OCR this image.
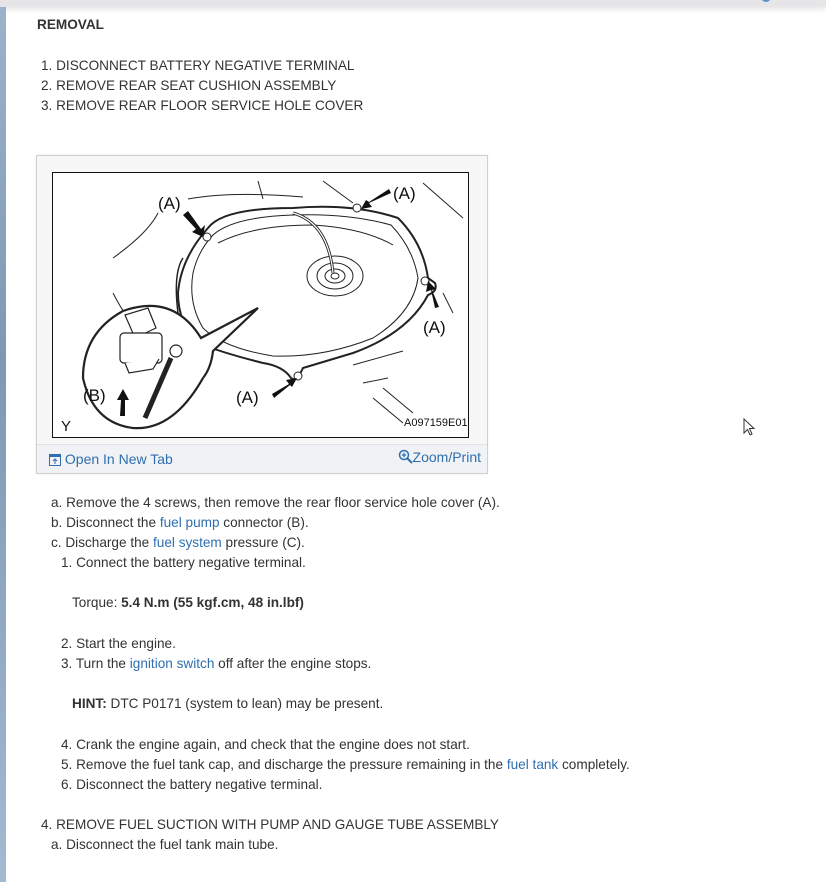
REMOVAL
1. DISCONNECT BATTERY NEGATIVE TERMINAL
2. REMOVE REAR SEAT CUSHION ASSEMBLY
3. REMOVE REAR FLOOR SERVICE HOLE COVER
(A)
(A)
(A)
(A)
(B)
Y	A097159E01
Open In New Tab	Zoom/Print
a. Remove the 4 screws, then remove the rear floor service hole cover (A).
b. Disconnect the fuel pump connector (B).
c. Discharge the fuel system pressure (C).
1. Connect the battery negative terminal.
Torque: 5.4 N.m (55 kgf.cm, 48 in.lbf)
2. Start the engine.
3. Turn the ignition switch off after the engine stops.
HINT: DTC P0171 (system to lean) may be present.
4. Crank the engine again, and check that the engine does not start.
5. Remove the fuel tank cap, and discharge the pressure remaining in the fuel tank completely.
6. Disconnect the battery negative terminal.
4. REMOVE FUEL SUCTION WITH PUMP AND GAUGE TUBE ASSEMBLY
a. Disconnect the fuel tank main tube.
